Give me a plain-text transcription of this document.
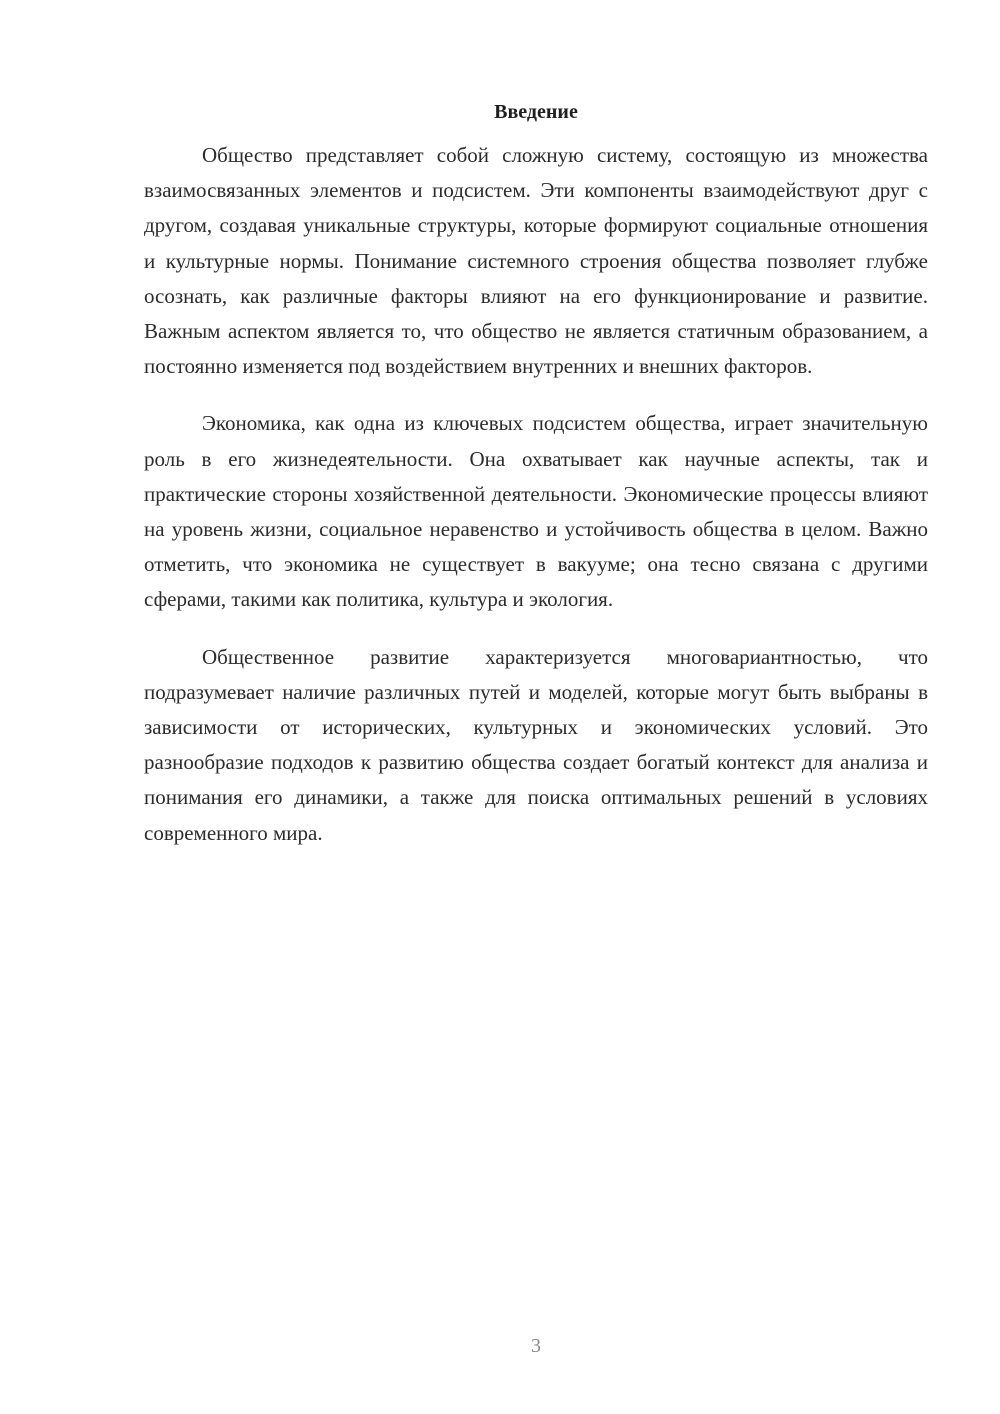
Введение

Общество представляет собой сложную систему, состоящую из множества взаимосвязанных элементов и подсистем. Эти компоненты взаимодействуют друг с другом, создавая уникальные структуры, которые формируют социальные отношения и культурные нормы. Понимание системного строения общества позволяет глубже осознать, как различные факторы влияют на его функционирование и развитие. Важным аспектом является то, что общество не является статичным образованием, а постоянно изменяется под воздействием внутренних и внешних факторов.

Экономика, как одна из ключевых подсистем общества, играет значительную роль в его жизнедеятельности. Она охватывает как научные аспекты, так и практические стороны хозяйственной деятельности. Экономические процессы влияют на уровень жизни, социальное неравенство и устойчивость общества в целом. Важно отметить, что экономика не существует в вакууме; она тесно связана с другими сферами, такими как политика, культура и экология.

Общественное развитие характеризуется многовариантностью, что подразумевает наличие различных путей и моделей, которые могут быть выбраны в зависимости от исторических, культурных и экономических условий. Это разнообразие подходов к развитию общества создает богатый контекст для анализа и понимания его динамики, а также для поиска оптимальных решений в условиях современного мира.

3
